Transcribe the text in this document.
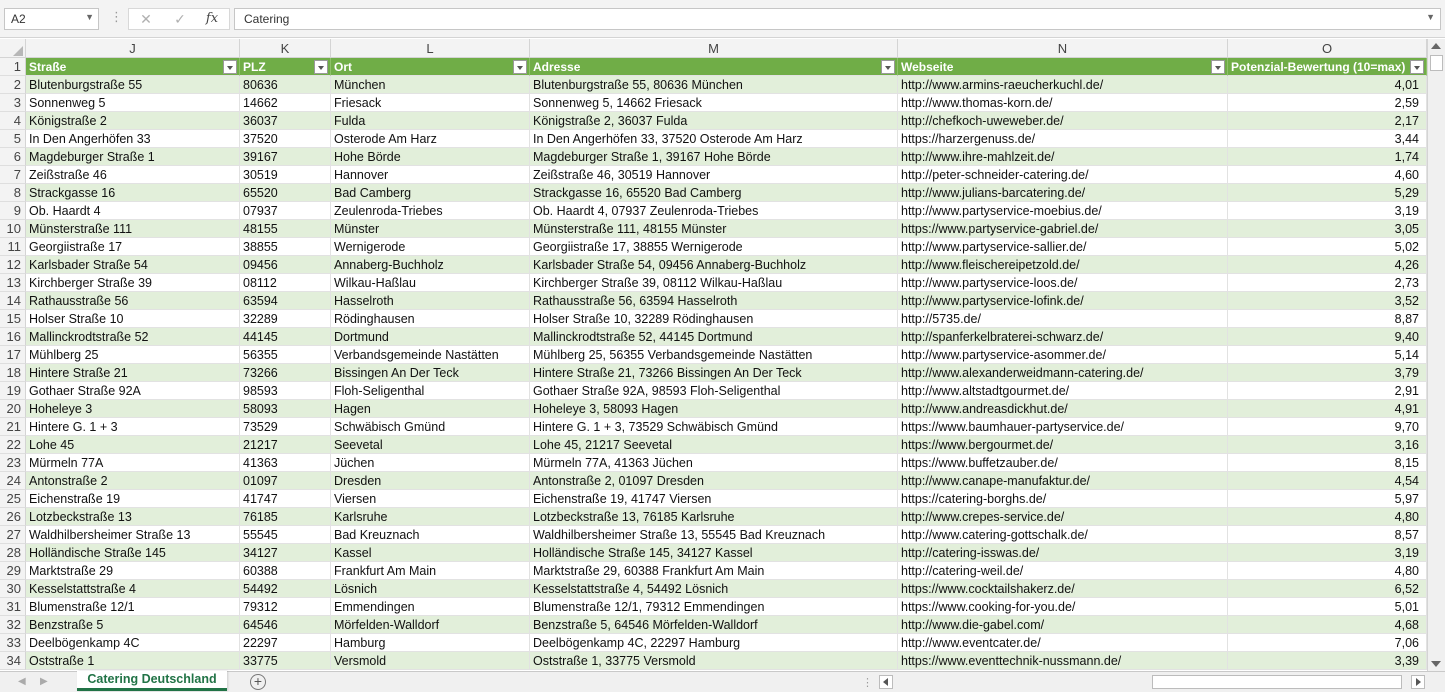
A2	▼ ⋮	✕	✓	fx	Catering	▼
J	K	L	M	N	O
1 Straße	PLZ	Ort	Adresse	Webseite	Potenzial-Bewertung (10=max)
2 Blutenburgstraße 55	80636	München	Blutenburgstraße 55, 80636 München	http://www.armins-raeucherkuchl.de/	4,01
3 Sonnenweg 5	14662	Friesack	Sonnenweg 5, 14662 Friesack	http://www.thomas-korn.de/	2,59
4 Königstraße 2	36037	Fulda	Königstraße 2, 36037 Fulda	http://chefkoch-uweweber.de/	2,17
5 In Den Angerhöfen 33	37520	Osterode Am Harz	In Den Angerhöfen 33, 37520 Osterode Am Harz	https://harzergenuss.de/	3,44
6 Magdeburger Straße 1	39167	Hohe Börde	Magdeburger Straße 1, 39167 Hohe Börde	http://www.ihre-mahlzeit.de/	1,74
7 Zeißstraße 46	30519	Hannover	Zeißstraße 46, 30519 Hannover	http://peter-schneider-catering.de/	4,60
8 Strackgasse 16	65520	Bad Camberg	Strackgasse 16, 65520 Bad Camberg	http://www.julians-barcatering.de/	5,29
9 Ob. Haardt 4	07937	Zeulenroda-Triebes	Ob. Haardt 4, 07937 Zeulenroda-Triebes	http://www.partyservice-moebius.de/	3,19
10 Münsterstraße 111	48155	Münster	Münsterstraße 111, 48155 Münster	https://www.partyservice-gabriel.de/	3,05
11 Georgiistraße 17	38855	Wernigerode	Georgiistraße 17, 38855 Wernigerode	http://www.partyservice-sallier.de/	5,02
12 Karlsbader Straße 54	09456	Annaberg-Buchholz	Karlsbader Straße 54, 09456 Annaberg-Buchholz	http://www.fleischereipetzold.de/	4,26
13 Kirchberger Straße 39	08112	Wilkau-Haßlau	Kirchberger Straße 39, 08112 Wilkau-Haßlau	http://www.partyservice-loos.de/	2,73
14 Rathausstraße 56	63594	Hasselroth	Rathausstraße 56, 63594 Hasselroth	http://www.partyservice-lofink.de/	3,52
15 Holser Straße 10	32289	Rödinghausen	Holser Straße 10, 32289 Rödinghausen	http://5735.de/	8,87
16 Mallinckrodtstraße 52	44145	Dortmund	Mallinckrodtstraße 52, 44145 Dortmund	http://spanferkelbraterei-schwarz.de/	9,40
17 Mühlberg 25	56355	Verbandsgemeinde Nastätten	Mühlberg 25, 56355 Verbandsgemeinde Nastätten	http://www.partyservice-asommer.de/	5,14
18 Hintere Straße 21	73266	Bissingen An Der Teck	Hintere Straße 21, 73266 Bissingen An Der Teck	http://www.alexanderweidmann-catering.de/	3,79
19 Gothaer Straße 92A	98593	Floh-Seligenthal	Gothaer Straße 92A, 98593 Floh-Seligenthal	http://www.altstadtgourmet.de/	2,91
20 Hoheleye 3	58093	Hagen	Hoheleye 3, 58093 Hagen	http://www.andreasdickhut.de/	4,91
21 Hintere G. 1 + 3	73529	Schwäbisch Gmünd	Hintere G. 1 + 3, 73529 Schwäbisch Gmünd	https://www.baumhauer-partyservice.de/	9,70
22 Lohe 45	21217	Seevetal	Lohe 45, 21217 Seevetal	https://www.bergourmet.de/	3,16
23 Mürmeln 77A	41363	Jüchen	Mürmeln 77A, 41363 Jüchen	https://www.buffetzauber.de/	8,15
24 Antonstraße 2	01097	Dresden	Antonstraße 2, 01097 Dresden	http://www.canape-manufaktur.de/	4,54
25 Eichenstraße 19	41747	Viersen	Eichenstraße 19, 41747 Viersen	https://catering-borghs.de/	5,97
26 Lotzbeckstraße 13	76185	Karlsruhe	Lotzbeckstraße 13, 76185 Karlsruhe	http://www.crepes-service.de/	4,80
27 Waldhilbersheimer Straße 13	55545	Bad Kreuznach	Waldhilbersheimer Straße 13, 55545 Bad Kreuznach	http://www.catering-gottschalk.de/	8,57
28 Holländische Straße 145	34127	Kassel	Holländische Straße 145, 34127 Kassel	http://catering-isswas.de/	3,19
29 Marktstraße 29	60388	Frankfurt Am Main	Marktstraße 29, 60388 Frankfurt Am Main	http://catering-weil.de/	4,80
30 Kesselstattstraße 4	54492	Lösnich	Kesselstattstraße 4, 54492 Lösnich	https://www.cocktailshakerz.de/	6,52
31 Blumenstraße 12/1	79312	Emmendingen	Blumenstraße 12/1, 79312 Emmendingen	https://www.cooking-for-you.de/	5,01
32 Benzstraße 5	64546	Mörfelden-Walldorf	Benzstraße 5, 64546 Mörfelden-Walldorf	http://www.die-gabel.com/	4,68
33 Deelbögenkamp 4C	22297	Hamburg	Deelbögenkamp 4C, 22297 Hamburg	http://www.eventcater.de/	7,06
34 Oststraße 1	33775	Versmold	Oststraße 1, 33775 Versmold	https://www.eventtechnik-nussmann.de/	3,39
◀ ▶	Catering Deutschland	+	⋮
